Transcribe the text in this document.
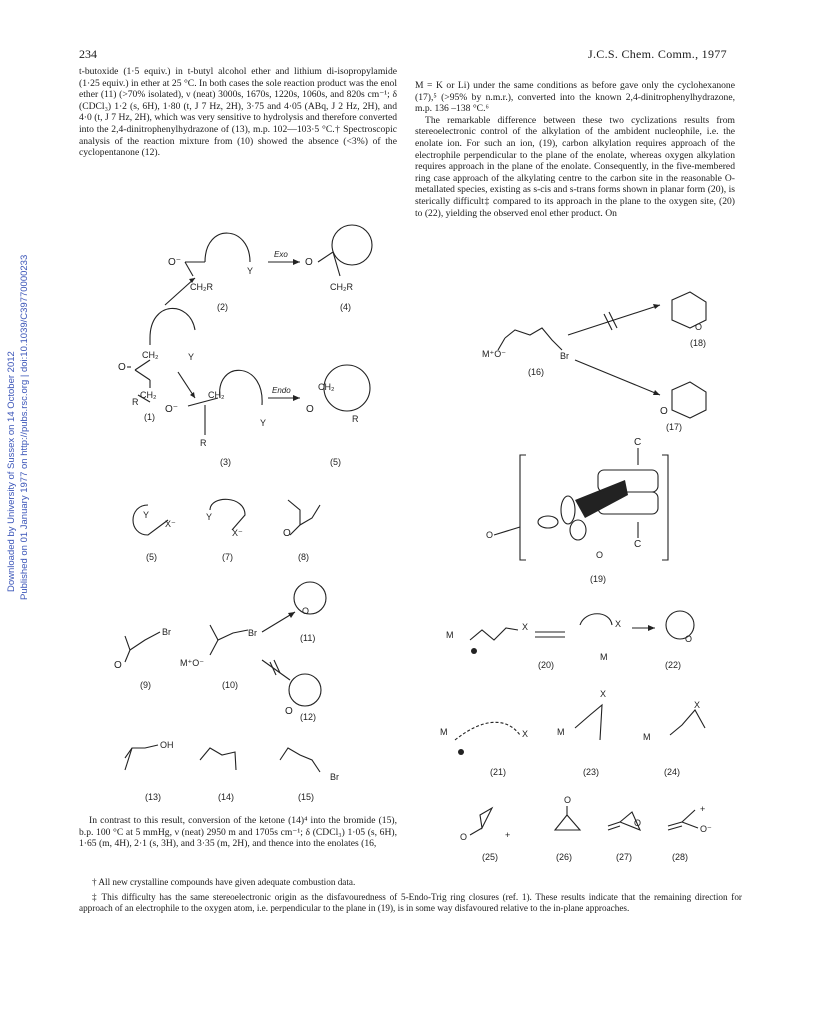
234	J.C.S. Chem. Comm., 1977
Downloaded by University of Sussex on 14 October 2012 Published on 01 January 1977 on http://pubs.rsc.org | doi:10.1039/C39770000233

t-butoxide (1·5 equiv.) in t-butyl alcohol ether and lithium di-isopropylamide (1·25 equiv.) in ether at 25 °C. In both cases the sole reaction product was the enol ether (11) (>70% isolated), ν (neat) 3000s, 1670s, 1220s, 1060s, and 820s cm⁻¹; δ (CDCl₃) 1·2 (s, 6H), 1·80 (t, J 7 Hz, 2H), 3·75 and 4·05 (ABq, J 2 Hz, 2H), and 4·0 (t, J 7 Hz, 2H), which was very sensitive to hydrolysis and therefore converted into the 2,4-dinitrophenylhydrazone of (13), m.p. 102—103·5 °C.† Spectroscopic analysis of the reaction mixture from (10) showed the absence (<3%) of the cyclopentanone (12).

In contrast to this result, conversion of the ketone (14)⁴ into the bromide (15), b.p. 100 °C at 5 mmHg, ν (neat) 2950 m and 1705s cm⁻¹; δ (CDCl₃) 1·05 (s, 6H), 1·65 (m, 4H), 2·1 (s, 3H), and 3·35 (m, 2H), and thence into the enolates (16,

M = K or Li) under the same conditions as before gave only the cyclohexanone (17),⁵ (>95% by n.m.r.), converted into the known 2,4-dinitrophenylhydrazone, m.p. 136 –138 °C.⁶

The remarkable difference between these two cyclizations results from stereoelectronic control of the alkylation of the ambident nucleophile, i.e. the enolate ion. For such an ion, (19), carbon alkylation requires approach of the electrophile perpendicular to the plane of the enolate, whereas oxygen alkylation requires approach in the plane of the enolate. Consequently, in the five-membered ring case approach of the alkylating centre to the carbon site in the reasonable O-metallated species, existing as s-cis and s-trans forms shown in planar form (20), is sterically difficult‡ compared to its approach in the plane to the oxygen site, (20) to (22), yielding the observed enol ether product. On

CH₂
O
CH₂
R
Y
(1)
O⁻
CH₂R
Y
(2)
Exo
O
CH₂R
(4)
O⁻
CH₂
Y
R
(3)
Endo	CH₂
O
R
(5)
Y
X⁻
(5)
Y
X⁻
(7)
O
(8)
O
Br
(9)
M⁺O⁻
Br
(10)
O
(11)
O (12)
OH
(13)	(14)
Br
(15)
M⁺O⁻	Br
(16)
O
(18)
O
(17)
C
C
O
O
(19)
M
X
(20)
X
M
O
(22)
M	X
(21)
M
X
(23)
M
X
(24)
O	+
(25)
O
(26)
O
(27)
O⁻
+
(28)
† All new crystalline compounds have given adequate combustion data.
‡ This difficulty has the same stereoelectronic origin as the disfavouredness of 5-Endo-Trig ring closures (ref. 1). These results indicate that the remaining direction for approach of an electrophile to the oxygen atom, i.e. perpendicular to the plane in (19), is in some way disfavoured relative to the in-plane approaches.
